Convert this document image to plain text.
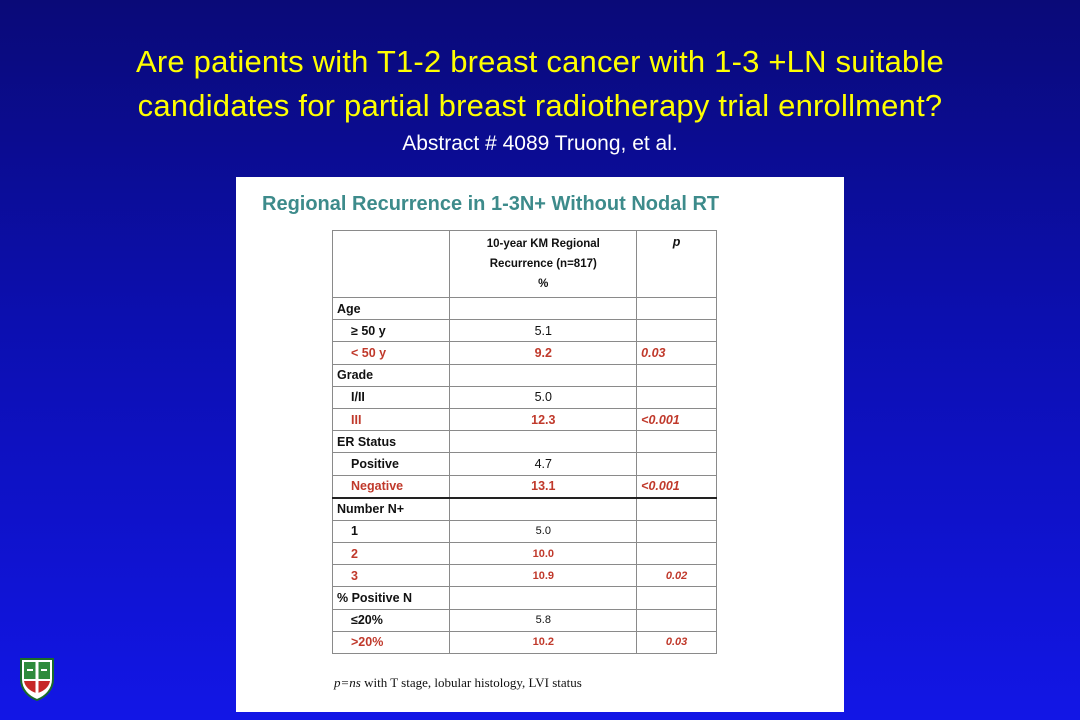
Are patients with T1-2 breast cancer with 1-3 +LN suitable
candidates for partial breast radiotherapy trial enrollment?
Abstract # 4089 Truong, et al.
Regional Recurrence in 1-3N+ Without Nodal RT

	10-year KM Regional
Recurrence (n=817)
%	p
Age		
≥ 50 y	5.1	
< 50 y	9.2	0.03
Grade		
I/II	5.0	
III	12.3	<0.001
ER Status		
Positive	4.7	
Negative	13.1	<0.001
Number N+		
1	5.0	
2	10.0	
3	10.9	0.02
% Positive N		
≤20%	5.8	
>20%	10.2	0.03
p=ns with T stage, lobular histology, LVI status
